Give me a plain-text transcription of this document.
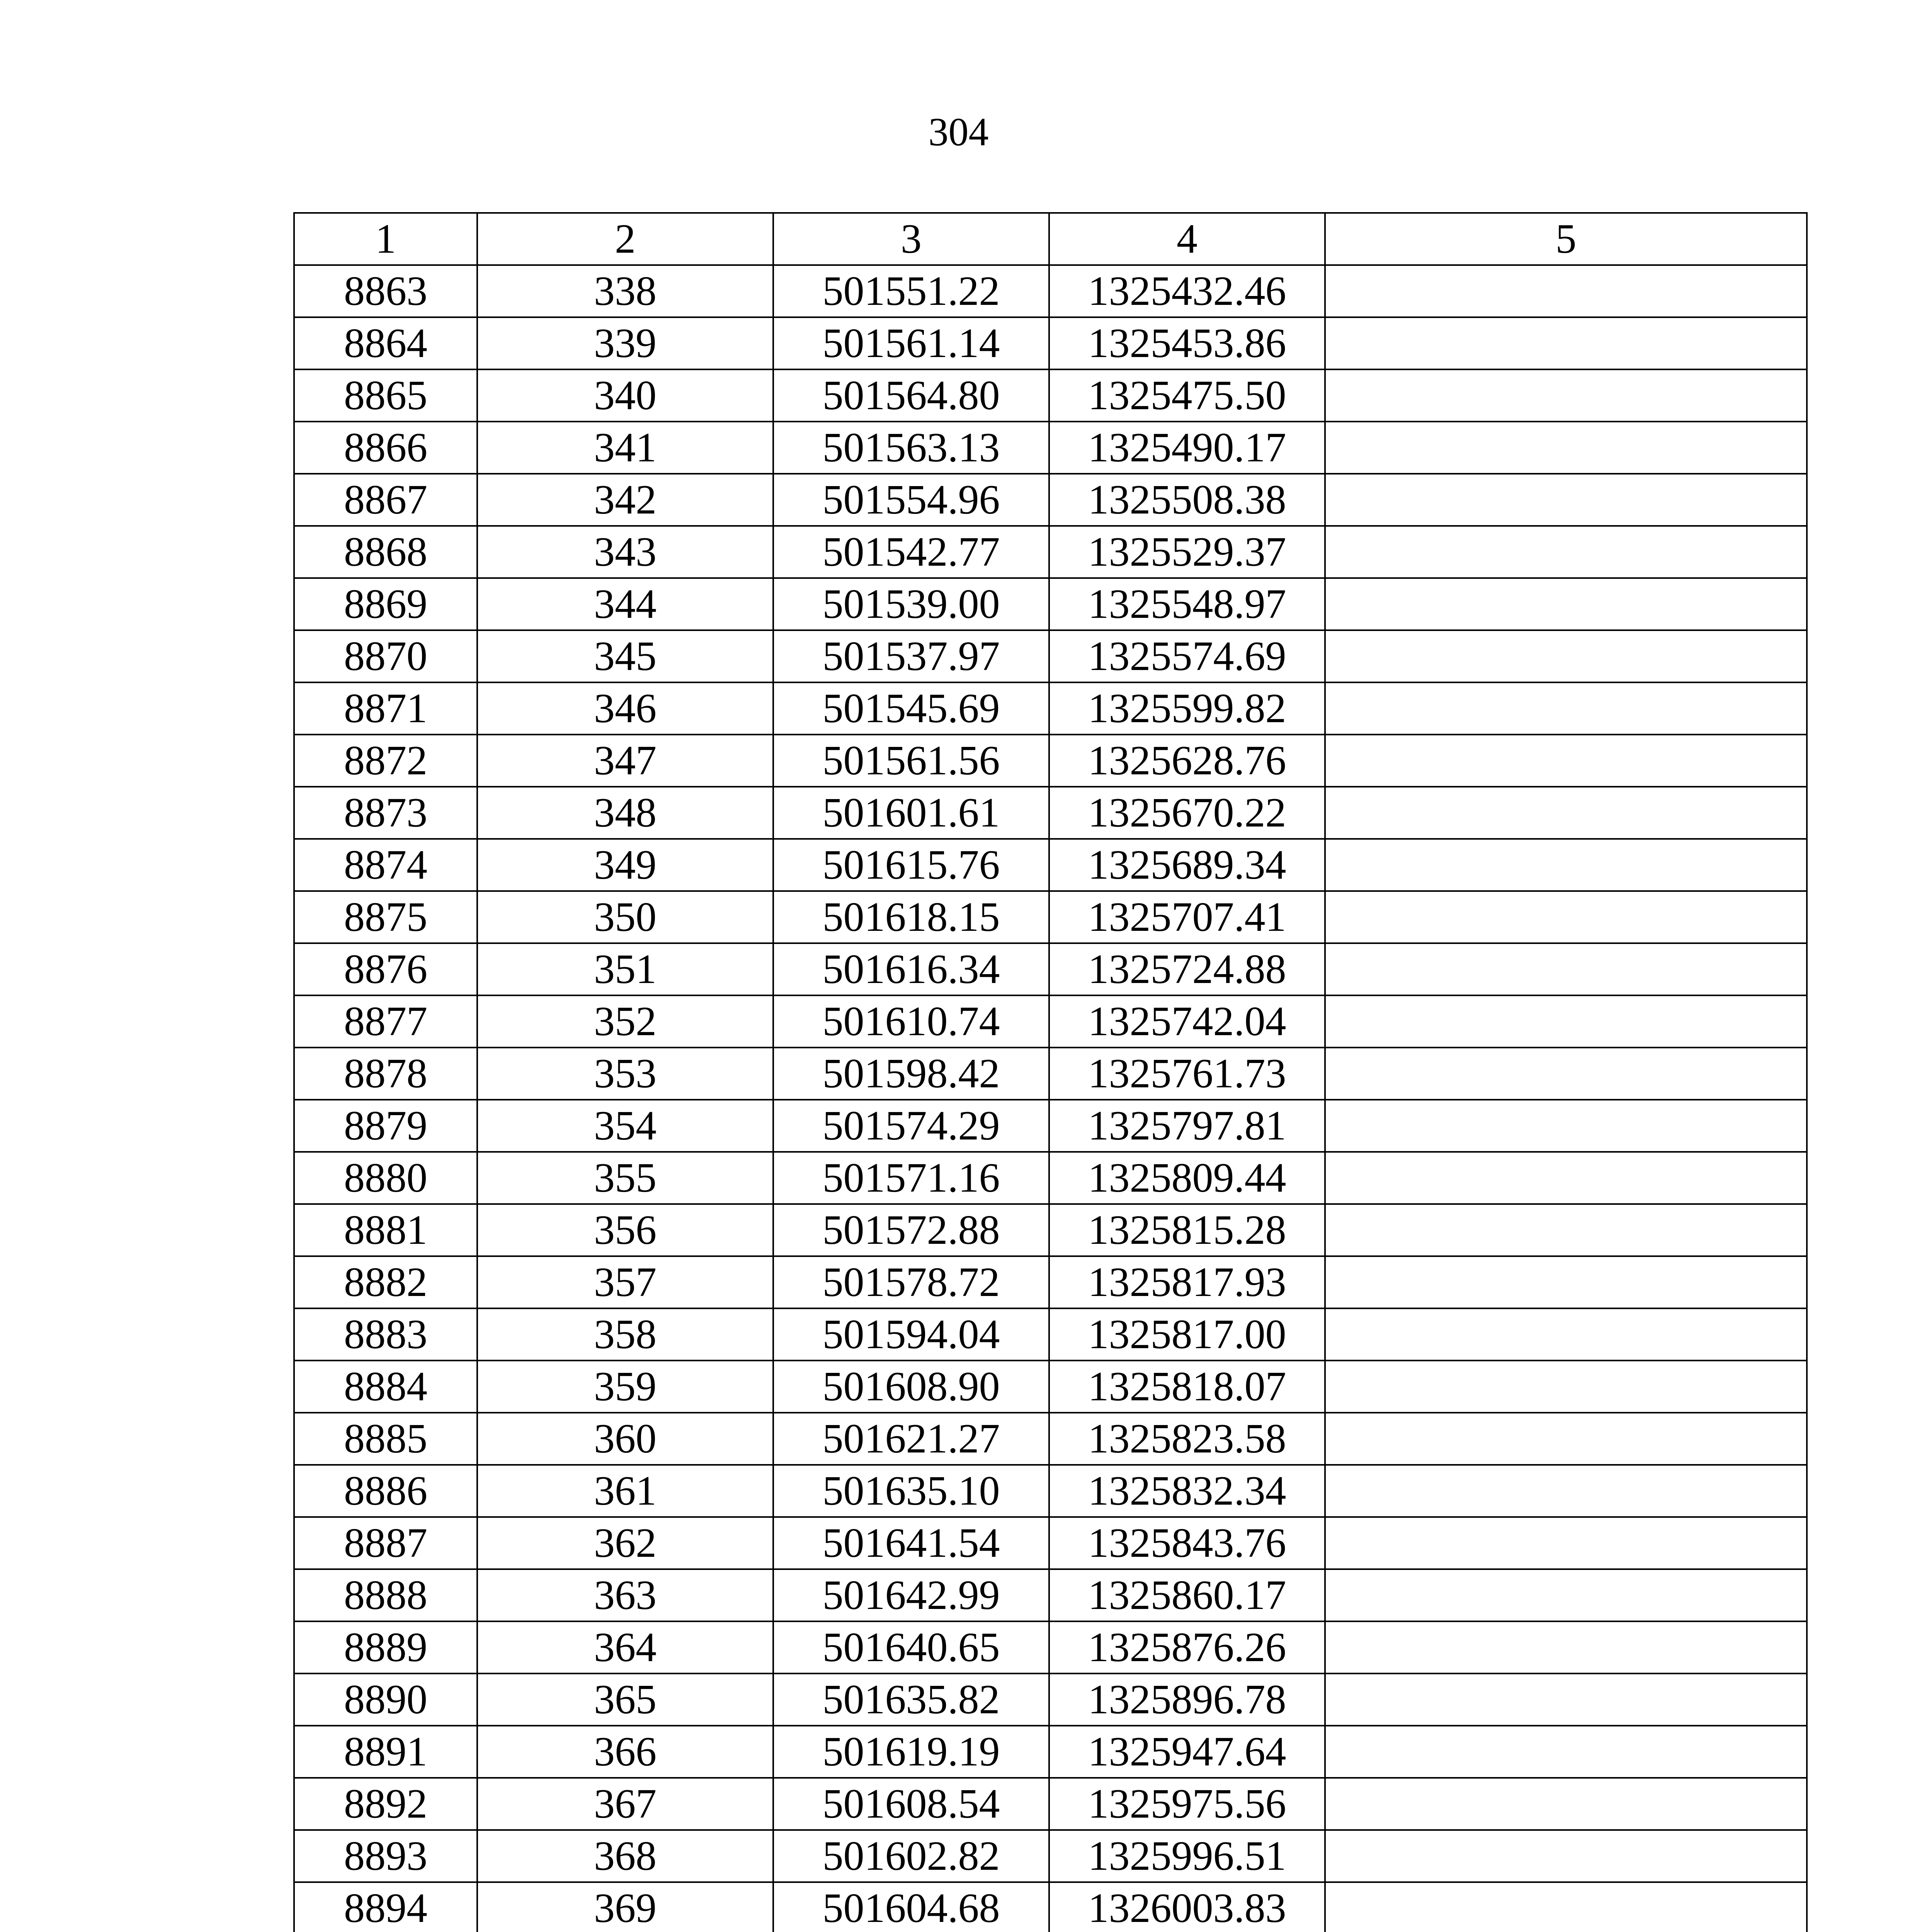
304
1	2	3	4	5
8863	338	501551.22	1325432.46	
8864	339	501561.14	1325453.86	
8865	340	501564.80	1325475.50	
8866	341	501563.13	1325490.17	
8867	342	501554.96	1325508.38	
8868	343	501542.77	1325529.37	
8869	344	501539.00	1325548.97	
8870	345	501537.97	1325574.69	
8871	346	501545.69	1325599.82	
8872	347	501561.56	1325628.76	
8873	348	501601.61	1325670.22	
8874	349	501615.76	1325689.34	
8875	350	501618.15	1325707.41	
8876	351	501616.34	1325724.88	
8877	352	501610.74	1325742.04	
8878	353	501598.42	1325761.73	
8879	354	501574.29	1325797.81	
8880	355	501571.16	1325809.44	
8881	356	501572.88	1325815.28	
8882	357	501578.72	1325817.93	
8883	358	501594.04	1325817.00	
8884	359	501608.90	1325818.07	
8885	360	501621.27	1325823.58	
8886	361	501635.10	1325832.34	
8887	362	501641.54	1325843.76	
8888	363	501642.99	1325860.17	
8889	364	501640.65	1325876.26	
8890	365	501635.82	1325896.78	
8891	366	501619.19	1325947.64	
8892	367	501608.54	1325975.56	
8893	368	501602.82	1325996.51	
8894	369	501604.68	1326003.83	
